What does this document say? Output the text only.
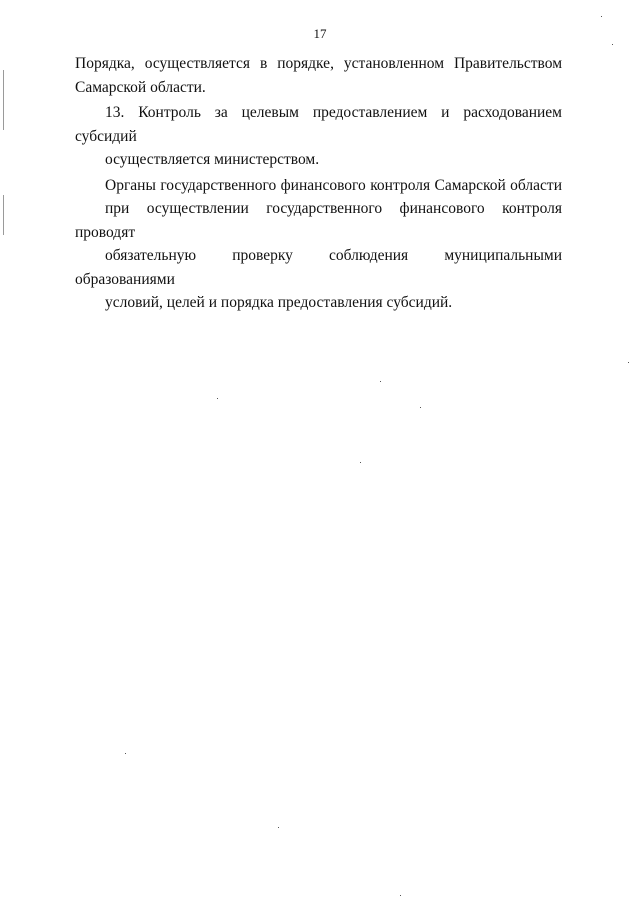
17

Порядка, осуществляется в порядке, установленном Правительством
Самарской области.

13. Контроль за целевым предоставлением и расходованием субсидий
осуществляется министерством.

Органы государственного финансового контроля Самарской области
при осуществлении государственного финансового контроля проводят
обязательную проверку соблюдения муниципальными образованиями
условий, целей и порядка предоставления субсидий.
